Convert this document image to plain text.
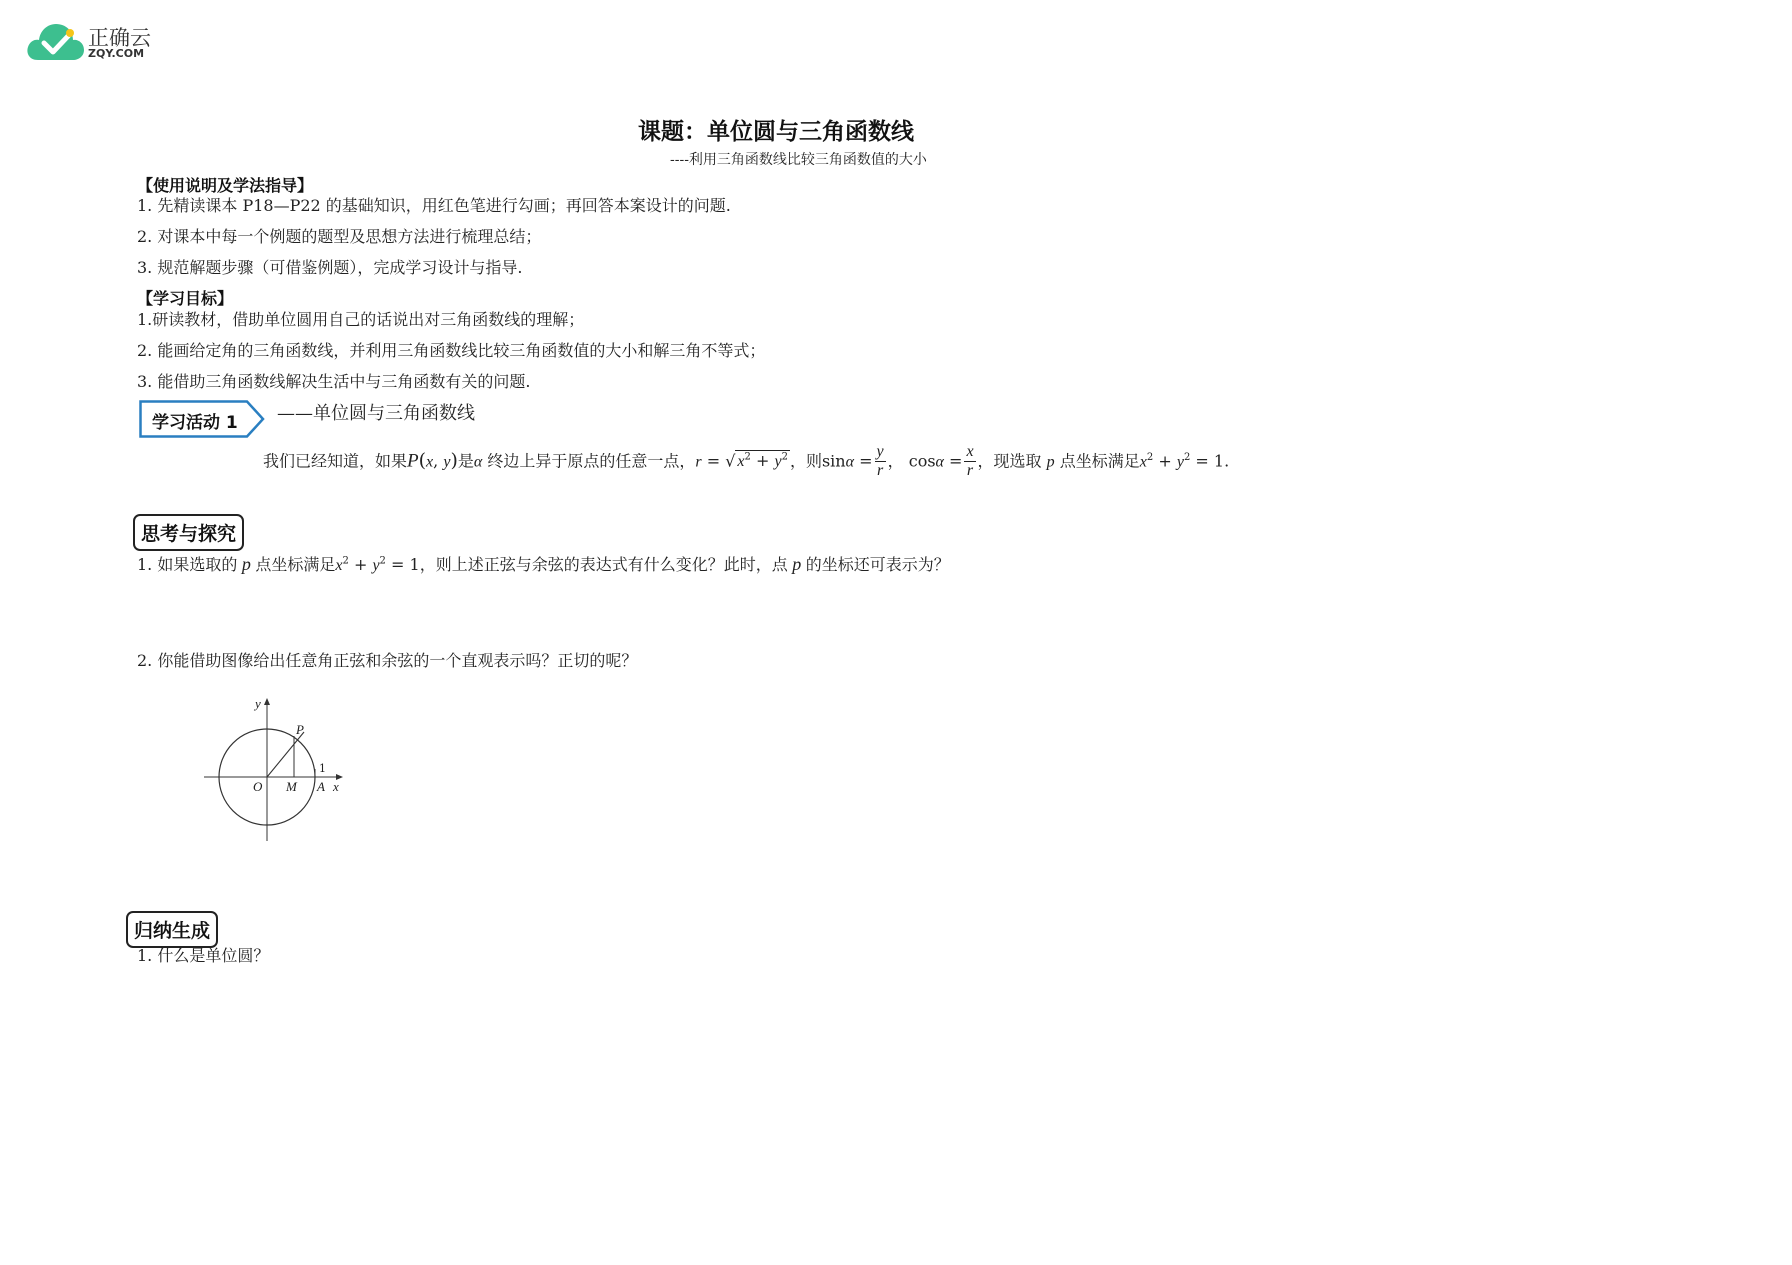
正确云
ZQY.COM
课题：单位圆与三角函数线
----利用三角函数线比较三角函数值的大小
【使用说明及学法指导】
1. 先精读课本 P18—P22 的基础知识，用红色笔进行勾画；再回答本案设计的问题.
2. 对课本中每一个例题的题型及思想方法进行梳理总结；
3. 规范解题步骤（可借鉴例题），完成学习设计与指导.
【学习目标】
1.研读教材，借助单位圆用自己的话说出对三角函数线的理解；
2. 能画给定角的三角函数线，并利用三角函数线比较三角函数值的大小和解三角不等式；
3. 能借助三角函数线解决生活中与三角函数有关的问题.
学习活动 1 ——单位圆与三角函数线
我们已经知道，如果P(x, y)是α 终边上异于原点的任意一点，r = √ $x^2 + y^2$ ，则$\sin\alpha = \frac{y}{r}$ ， $\cos\alpha = \frac{x}{r}$ ，现选取 p 点坐标满足$x^2 + y^2 = 1$.
思考与探究
1. 如果选取的 p 点坐标满足$x^2 + y^2 = 1$，则上述正弦与余弦的表达式有什么变化？此时，点 p 的坐标还可表示为？
2. 你能借助图像给出任意角正弦和余弦的一个直观表示吗？正切的呢？
y
x
O
P
M A
1
归纳生成
1. 什么是单位圆？
